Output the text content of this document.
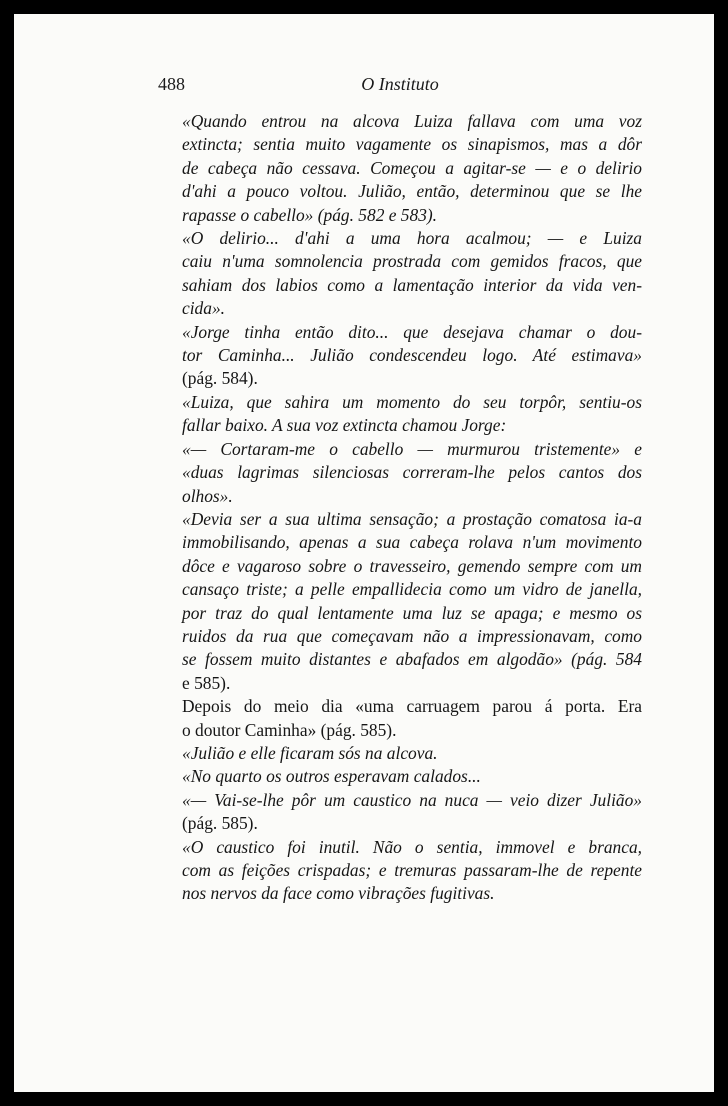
488	O Instituto

«Quando entrou na alcova Luiza fallava com uma voz
extincta; sentia muito vagamente os sinapismos, mas a dôr
de cabeça não cessava. Começou a agitar-se — e o delirio
d'ahi a pouco voltou. Julião, então, determinou que se lhe
rapasse o cabello» (pág. 582 e 583).

«O delirio... d'ahi a uma hora acalmou; — e Luiza
caiu n'uma somnolencia prostrada com gemidos fracos, que
sahiam dos labios como a lamentação interior da vida ven-
cida».

«Jorge tinha então dito... que desejava chamar o dou-
tor Caminha... Julião condescendeu logo. Até estimava»
(pág. 584).

«Luiza, que sahira um momento do seu torpôr, sentiu-os
fallar baixo. A sua voz extincta chamou Jorge:

«— Cortaram-me o cabello — murmurou tristemente» e
«duas lagrimas silenciosas correram-lhe pelos cantos dos
olhos».

«Devia ser a sua ultima sensação; a prostação comatosa ia-a
immobilisando, apenas a sua cabeça rolava n'um movimento
dôce e vagaroso sobre o travesseiro, gemendo sempre com um
cansaço triste; a pelle empallidecia como um vidro de janella,
por traz do qual lentamente uma luz se apaga; e mesmo os
ruidos da rua que começavam não a impressionavam, como
se fossem muito distantes e abafados em algodão» (pág. 584
e 585).

Depois do meio dia «uma carruagem parou á porta. Era
o doutor Caminha» (pág. 585).

«Julião e elle ficaram sós na alcova.

«No quarto os outros esperavam calados...

«— Vai-se-lhe pôr um caustico na nuca — veio dizer Julião»
(pág. 585).

«O caustico foi inutil. Não o sentia, immovel e branca,
com as feições crispadas; e tremuras passaram-lhe de repente
nos nervos da face como vibrações fugitivas.
